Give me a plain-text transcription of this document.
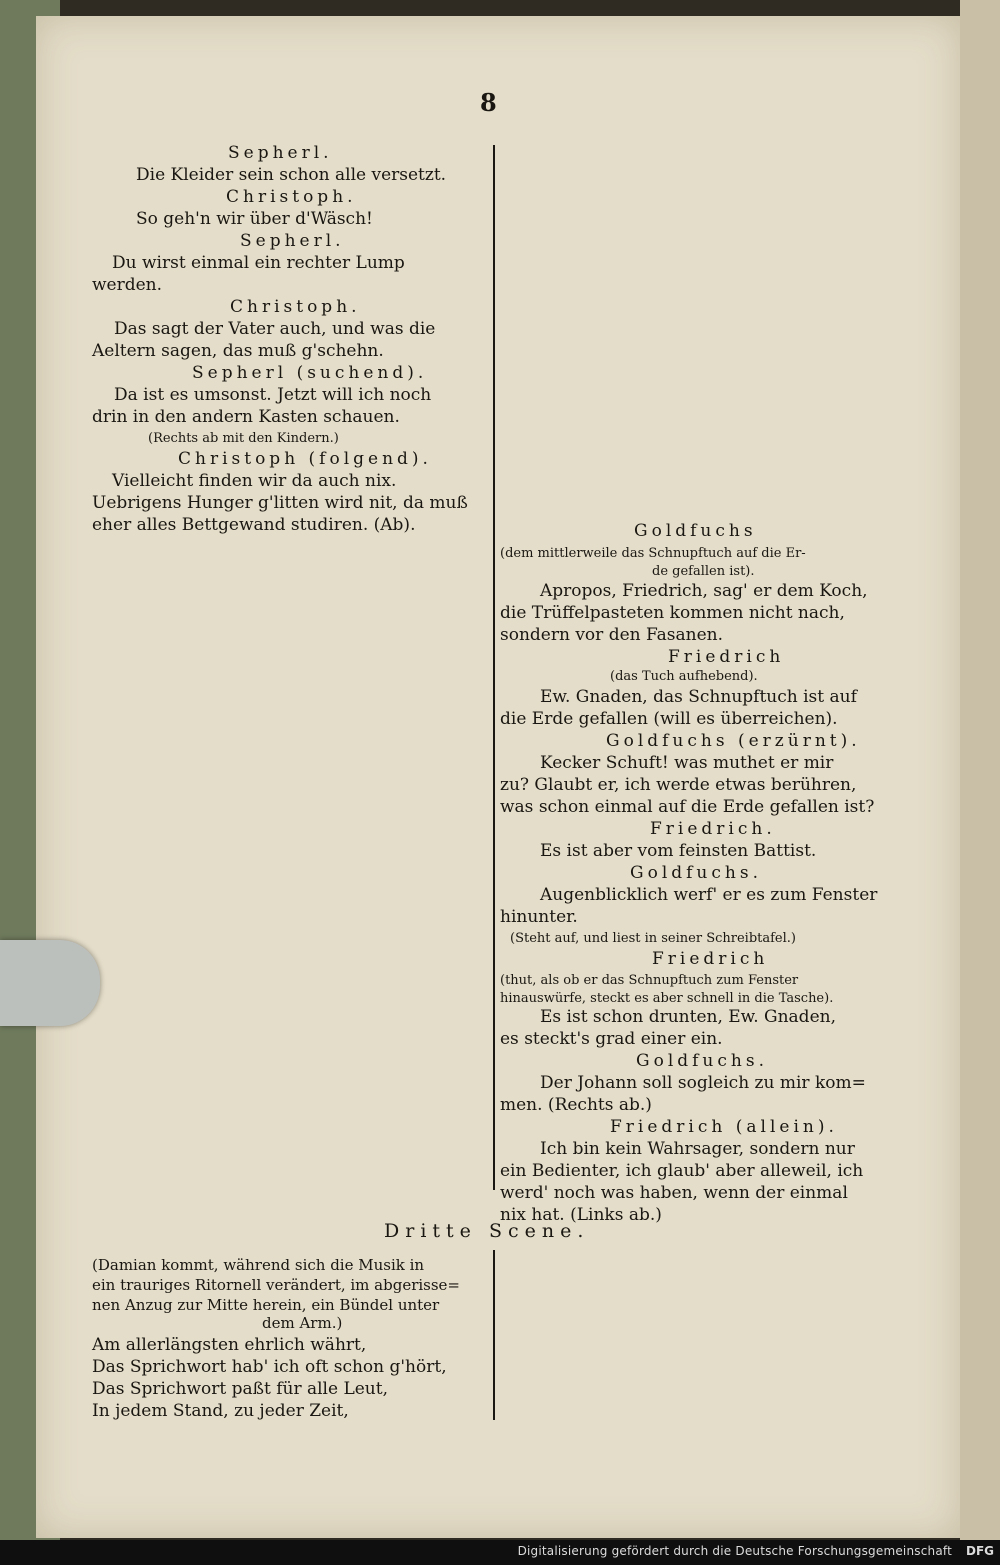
8
Sepherl.
Die Kleider sein schon alle versetzt.
Christoph.
So geh'n wir über d'Wäsch!
Sepherl.
Du wirst einmal ein rechter Lump
werden.
Christoph.
Das sagt der Vater auch, und was die
Aeltern sagen, das muß g'schehn.
Sepherl (suchend).
Da ist es umsonst. Jetzt will ich noch
drin in den andern Kasten schauen.
(Rechts ab mit den Kindern.)
Christoph (folgend).
Vielleicht finden wir da auch nix.
Uebrigens Hunger g'litten wird nit, da muß
eher alles Bettgewand studiren. (Ab).	Goldfuchs
(dem mittlerweile das Schnupftuch auf die Er-
de gefallen ist).
Apropos, Friedrich, sag' er dem Koch,
die Trüffelpasteten kommen nicht nach,
sondern vor den Fasanen.
Friedrich
(das Tuch aufhebend).
Ew. Gnaden, das Schnupftuch ist auf
die Erde gefallen (will es überreichen).
Goldfuchs (erzürnt).
Kecker Schuft! was muthet er mir
zu? Glaubt er, ich werde etwas berühren,
was schon einmal auf die Erde gefallen ist?
Friedrich.
Es ist aber vom feinsten Battist.
Goldfuchs.
Augenblicklich werf' er es zum Fenster
hinunter.
(Steht auf, und liest in seiner Schreibtafel.)
Friedrich
(thut, als ob er das Schnupftuch zum Fenster
hinauswürfe, steckt es aber schnell in die Tasche).
Es ist schon drunten, Ew. Gnaden,
es steckt's grad einer ein.
Goldfuchs.
Der Johann soll sogleich zu mir kom=
men. (Rechts ab.)
Friedrich (allein).
Ich bin kein Wahrsager, sondern nur
ein Bedienter, ich glaub' aber alleweil, ich
werd' noch was haben, wenn der einmal
nix hat. (Links ab.)
Dritte Scene.
(Damian kommt, während sich die Musik in
ein trauriges Ritornell verändert, im abgerisse=
nen Anzug zur Mitte herein, ein Bündel unter
dem Arm.)
Am allerlängsten ehrlich währt,
Das Sprichwort hab' ich oft schon g'hört,
Das Sprichwort paßt für alle Leut,
In jedem Stand, zu jeder Zeit,
Digitalisierung gefördert durch die Deutsche Forschungsgemeinschaft DFG
